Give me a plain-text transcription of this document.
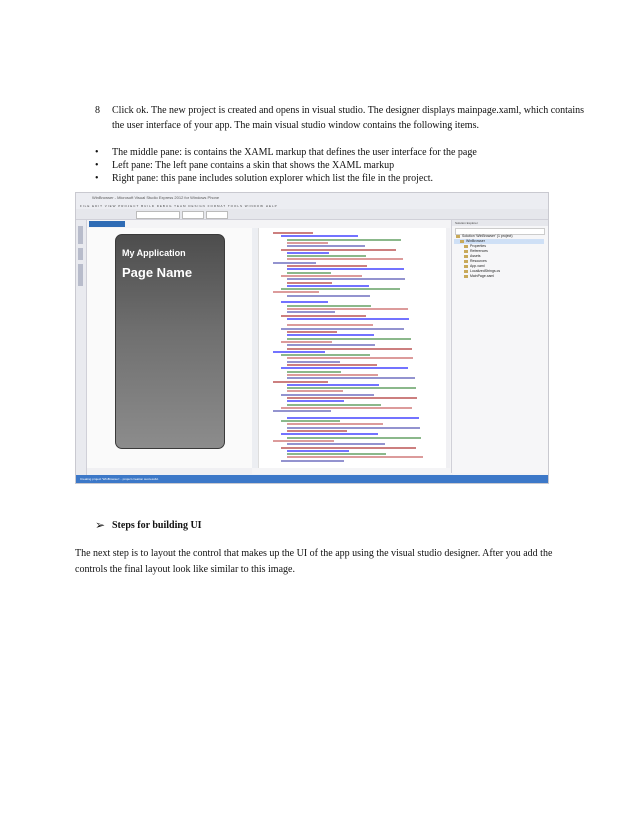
8 Click ok. The new project is created and opens in visual studio. The designer displays mainpage.xaml, which contains the user interface of your app. The main visual studio window contains the following items.
• The middle pane: is contains the XAML markup that defines the user interface for the page
• Left pane: The left pane contains a skin that shows the XAML markup
• Right pane: this pane includes solution explorer which list the file in the project.
WinBrowser - Microsoft Visual Studio Express 2012 for Windows Phone
FILE EDIT VIEW PROJECT BUILD DEBUG TEAM DESIGN FORMAT TOOLS WINDOW HELP
My Application
Page Name
Solution Explorer
Solution 'WinBrowser' (1 project)
WinBrowser
Properties
References
Assets
Resources
App.xaml
LocalizedStrings.cs
MainPage.xaml
Creating project 'WinBrowser'... project creation successful.
➢ Steps for building UI
The next step is to layout the control that makes up the UI of the app using the visual studio designer. After you add the controls the final layout look like similar to this image.
